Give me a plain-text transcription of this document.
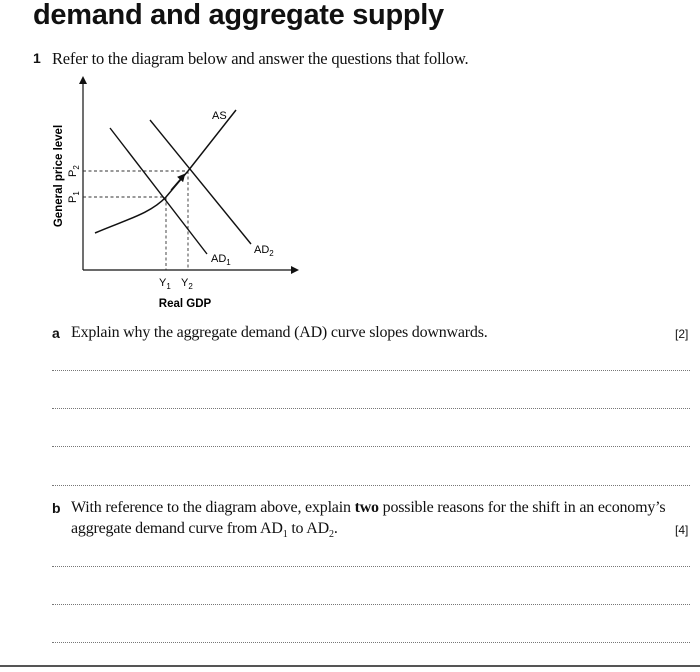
demand and aggregate supply
1 Refer to the diagram below and answer the questions that follow.
AS
$AD_1$
$AD_2$
$P_2$
$P_1$
General price level
$Y_1$ $Y_2$
Real GDP
a Explain why the aggregate demand (AD) curve slopes downwards.	[2]
b With reference to the diagram above, explain two possible reasons for the shift in an economy’s
aggregate demand curve from $AD_1$ to $AD_2$.	[4]
